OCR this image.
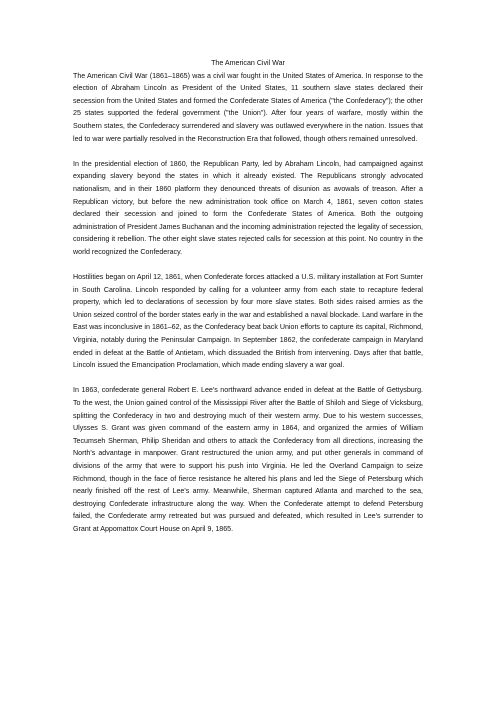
The American Civil War

The American Civil War (1861–1865) was a civil war fought in the United States of America. In response to the election of Abraham Lincoln as President of the United States, 11 southern slave states declared their secession from the United States and formed the Confederate States of America ("the Confederacy"); the other 25 states supported the federal government ("the Union"). After four years of warfare, mostly within the Southern states, the Confederacy surrendered and slavery was outlawed everywhere in the nation. Issues that led to war were partially resolved in the Reconstruction Era that followed, though others remained unresolved.

In the presidential election of 1860, the Republican Party, led by Abraham Lincoln, had campaigned against expanding slavery beyond the states in which it already existed. The Republicans strongly advocated nationalism, and in their 1860 platform they denounced threats of disunion as avowals of treason. After a Republican victory, but before the new administration took office on March 4, 1861, seven cotton states declared their secession and joined to form the Confederate States of America. Both the outgoing administration of President James Buchanan and the incoming administration rejected the legality of secession, considering it rebellion. The other eight slave states rejected calls for secession at this point. No country in the world recognized the Confederacy.

Hostilities began on April 12, 1861, when Confederate forces attacked a U.S. military installation at Fort Sumter in South Carolina. Lincoln responded by calling for a volunteer army from each state to recapture federal property, which led to declarations of secession by four more slave states. Both sides raised armies as the Union seized control of the border states early in the war and established a naval blockade. Land warfare in the East was inconclusive in 1861–62, as the Confederacy beat back Union efforts to capture its capital, Richmond, Virginia, notably during the Peninsular Campaign. In September 1862, the confederate campaign in Maryland ended in defeat at the Battle of Antietam, which dissuaded the British from intervening. Days after that battle, Lincoln issued the Emancipation Proclamation, which made ending slavery a war goal.

In 1863, confederate general Robert E. Lee's northward advance ended in defeat at the Battle of Gettysburg. To the west, the Union gained control of the Mississippi River after the Battle of Shiloh and Siege of Vicksburg, splitting the Confederacy in two and destroying much of their western army. Due to his western successes, Ulysses S. Grant was given command of the eastern army in 1864, and organized the armies of William Tecumseh Sherman, Philip Sheridan and others to attack the Confederacy from all directions, increasing the North's advantage in manpower. Grant restructured the union army, and put other generals in command of divisions of the army that were to support his push into Virginia. He led the Overland Campaign to seize Richmond, though in the face of fierce resistance he altered his plans and led the Siege of Petersburg which nearly finished off the rest of Lee's army. Meanwhile, Sherman captured Atlanta and marched to the sea, destroying Confederate infrastructure along the way. When the Confederate attempt to defend Petersburg failed, the Confederate army retreated but was pursued and defeated, which resulted in Lee's surrender to Grant at Appomattox Court House on April 9, 1865.
